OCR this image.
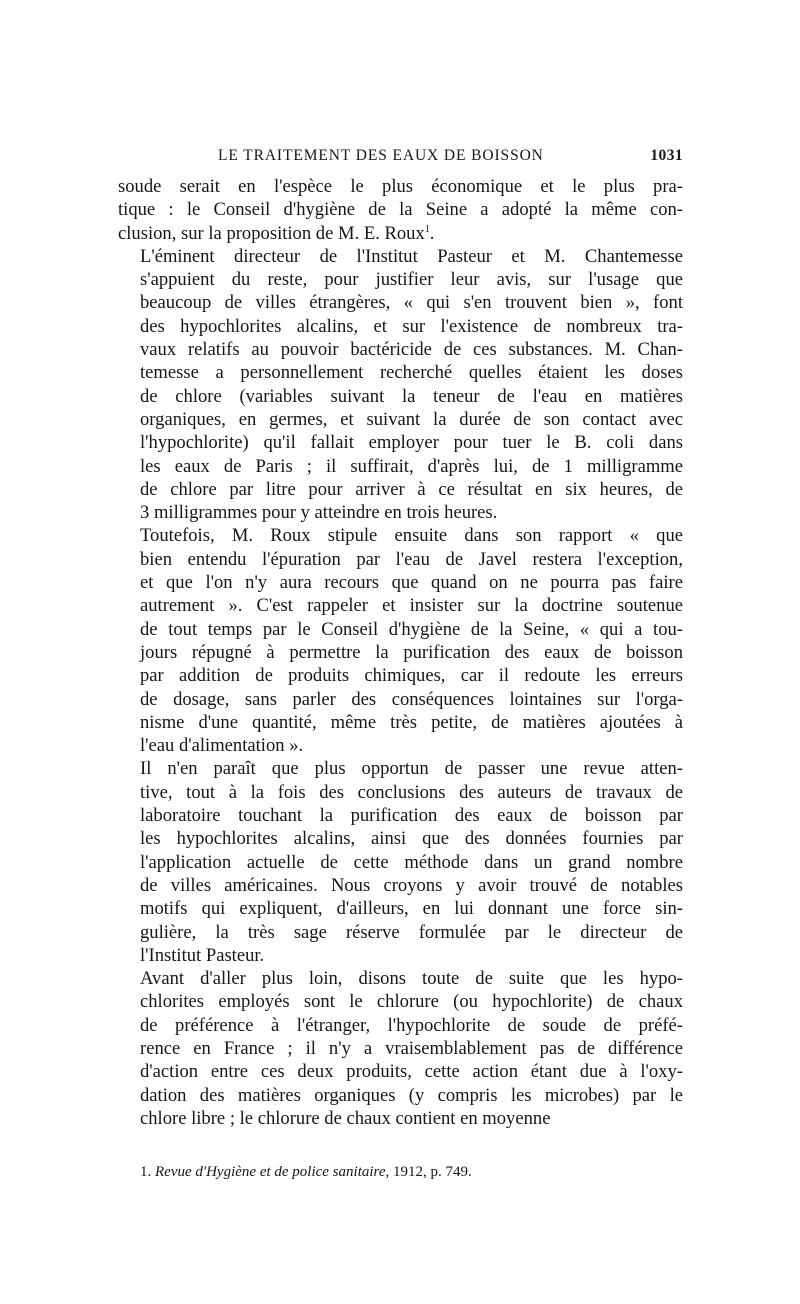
LE TRAITEMENT DES EAUX DE BOISSON	1031

soude serait en l'espèce le plus économique et le plus pra-
tique : le Conseil d'hygiène de la Seine a adopté la même con-
clusion, sur la proposition de M. E. Roux$^1$.

L'éminent directeur de l'Institut Pasteur et M. Chantemesse
s'appuient du reste, pour justifier leur avis, sur l'usage que
beaucoup de villes étrangères, « qui s'en trouvent bien », font
des hypochlorites alcalins, et sur l'existence de nombreux tra-
vaux relatifs au pouvoir bactéricide de ces substances. M. Chan-
temesse a personnellement recherché quelles étaient les doses
de chlore (variables suivant la teneur de l'eau en matières
organiques, en germes, et suivant la durée de son contact avec
l'hypochlorite) qu'il fallait employer pour tuer le B. coli dans
les eaux de Paris ; il suffirait, d'après lui, de 1 milligramme
de chlore par litre pour arriver à ce résultat en six heures, de
3 milligrammes pour y atteindre en trois heures.

Toutefois, M. Roux stipule ensuite dans son rapport « que
bien entendu l'épuration par l'eau de Javel restera l'exception,
et que l'on n'y aura recours que quand on ne pourra pas faire
autrement ». C'est rappeler et insister sur la doctrine soutenue
de tout temps par le Conseil d'hygiène de la Seine, « qui a tou-
jours répugné à permettre la purification des eaux de boisson
par addition de produits chimiques, car il redoute les erreurs
de dosage, sans parler des conséquences lointaines sur l'orga-
nisme d'une quantité, même très petite, de matières ajoutées à
l'eau d'alimentation ».

Il n'en paraît que plus opportun de passer une revue atten-
tive, tout à la fois des conclusions des auteurs de travaux de
laboratoire touchant la purification des eaux de boisson par
les hypochlorites alcalins, ainsi que des données fournies par
l'application actuelle de cette méthode dans un grand nombre
de villes américaines. Nous croyons y avoir trouvé de notables
motifs qui expliquent, d'ailleurs, en lui donnant une force sin-
gulière, la très sage réserve formulée par le directeur de
l'Institut Pasteur.

Avant d'aller plus loin, disons toute de suite que les hypo-
chlorites employés sont le chlorure (ou hypochlorite) de chaux
de préférence à l'étranger, l'hypochlorite de soude de préfé-
rence en France ; il n'y a vraisemblablement pas de différence
d'action entre ces deux produits, cette action étant due à l'oxy-
dation des matières organiques (y compris les microbes) par le
chlore libre ; le chlorure de chaux contient en moyenne

1. Revue d'Hygiène et de police sanitaire, 1912, p. 749.
